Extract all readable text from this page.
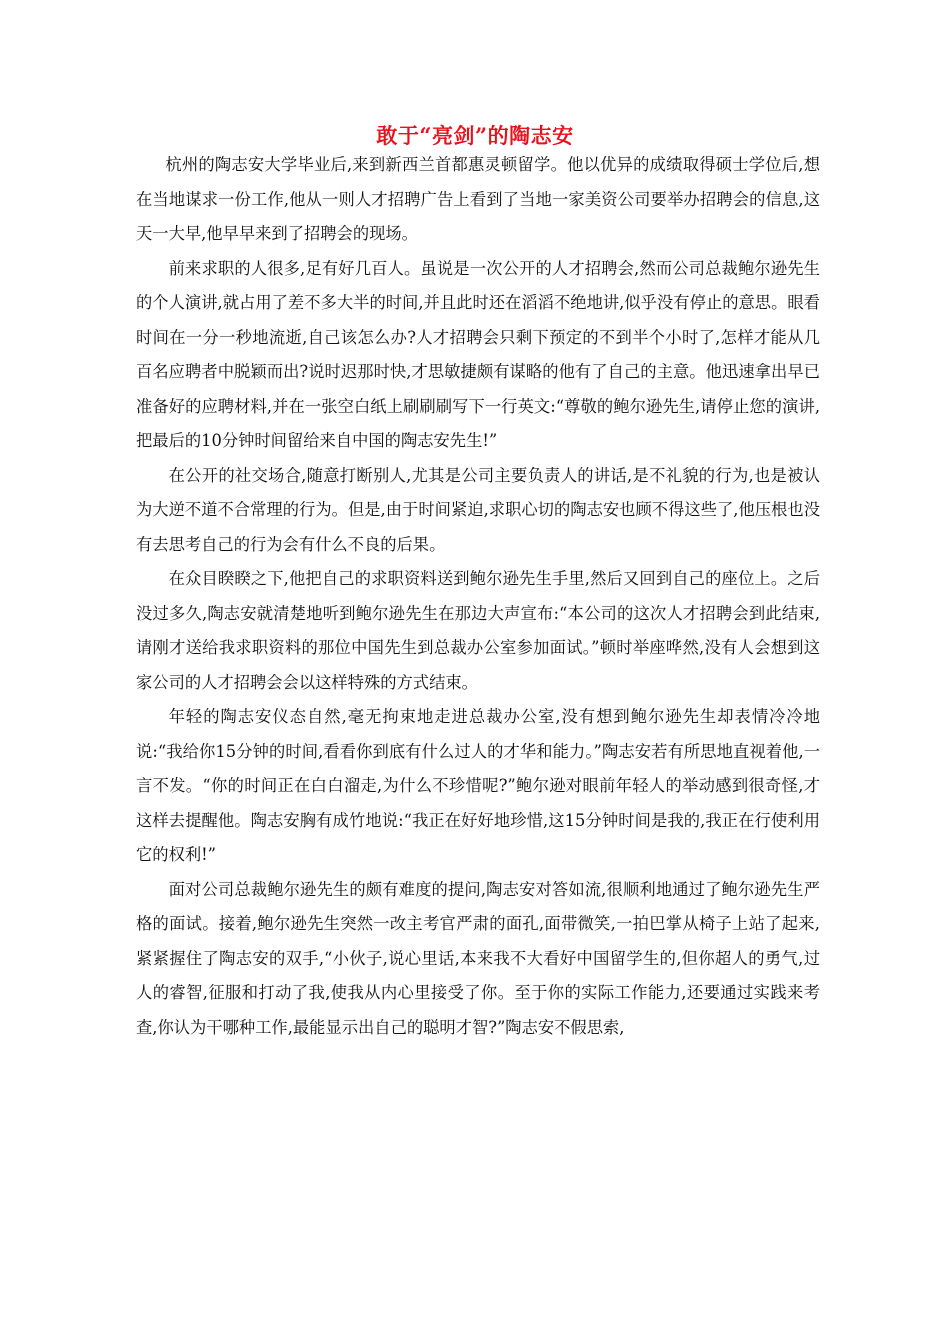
敢于“亮剑”的陶志安

杭州的陶志安大学毕业后,来到新西兰首都惠灵顿留学。他以优异的成绩取得硕士学位后,想在当地谋求一份工作,他从一则人才招聘广告上看到了当地一家美资公司要举办招聘会的信息,这天一大早,他早早来到了招聘会的现场。

前来求职的人很多,足有好几百人。虽说是一次公开的人才招聘会,然而公司总裁鲍尔逊先生的个人演讲,就占用了差不多大半的时间,并且此时还在滔滔不绝地讲,似乎没有停止的意思。眼看时间在一分一秒地流逝,自己该怎么办?人才招聘会只剩下预定的不到半个小时了,怎样才能从几百名应聘者中脱颖而出?说时迟那时快,才思敏捷颇有谋略的他有了自己的主意。他迅速拿出早已准备好的应聘材料,并在一张空白纸上刷刷刷写下一行英文:“尊敬的鲍尔逊先生,请停止您的演讲,把最后的10分钟时间留给来自中国的陶志安先生!”

在公开的社交场合,随意打断别人,尤其是公司主要负责人的讲话,是不礼貌的行为,也是被认为大逆不道不合常理的行为。但是,由于时间紧迫,求职心切的陶志安也顾不得这些了,他压根也没有去思考自己的行为会有什么不良的后果。

在众目睽睽之下,他把自己的求职资料送到鲍尔逊先生手里,然后又回到自己的座位上。之后没过多久,陶志安就清楚地听到鲍尔逊先生在那边大声宣布:“本公司的这次人才招聘会到此结束,请刚才送给我求职资料的那位中国先生到总裁办公室参加面试。”顿时举座哗然,没有人会想到这家公司的人才招聘会会以这样特殊的方式结束。

年轻的陶志安仪态自然,毫无拘束地走进总裁办公室,没有想到鲍尔逊先生却表情冷冷地说:“我给你15分钟的时间,看看你到底有什么过人的才华和能力。”陶志安若有所思地直视着他,一言不发。“你的时间正在白白溜走,为什么不珍惜呢?”鲍尔逊对眼前年轻人的举动感到很奇怪,才这样去提醒他。陶志安胸有成竹地说:“我正在好好地珍惜,这15分钟时间是我的,我正在行使利用它的权利!”

面对公司总裁鲍尔逊先生的颇有难度的提问,陶志安对答如流,很顺利地通过了鲍尔逊先生严格的面试。接着,鲍尔逊先生突然一改主考官严肃的面孔,面带微笑,一拍巴掌从椅子上站了起来,紧紧握住了陶志安的双手,“小伙子,说心里话,本来我不大看好中国留学生的,但你超人的勇气,过人的睿智,征服和打动了我,使我从内心里接受了你。至于你的实际工作能力,还要通过实践来考查,你认为干哪种工作,最能显示出自己的聪明才智?”陶志安不假思索,
